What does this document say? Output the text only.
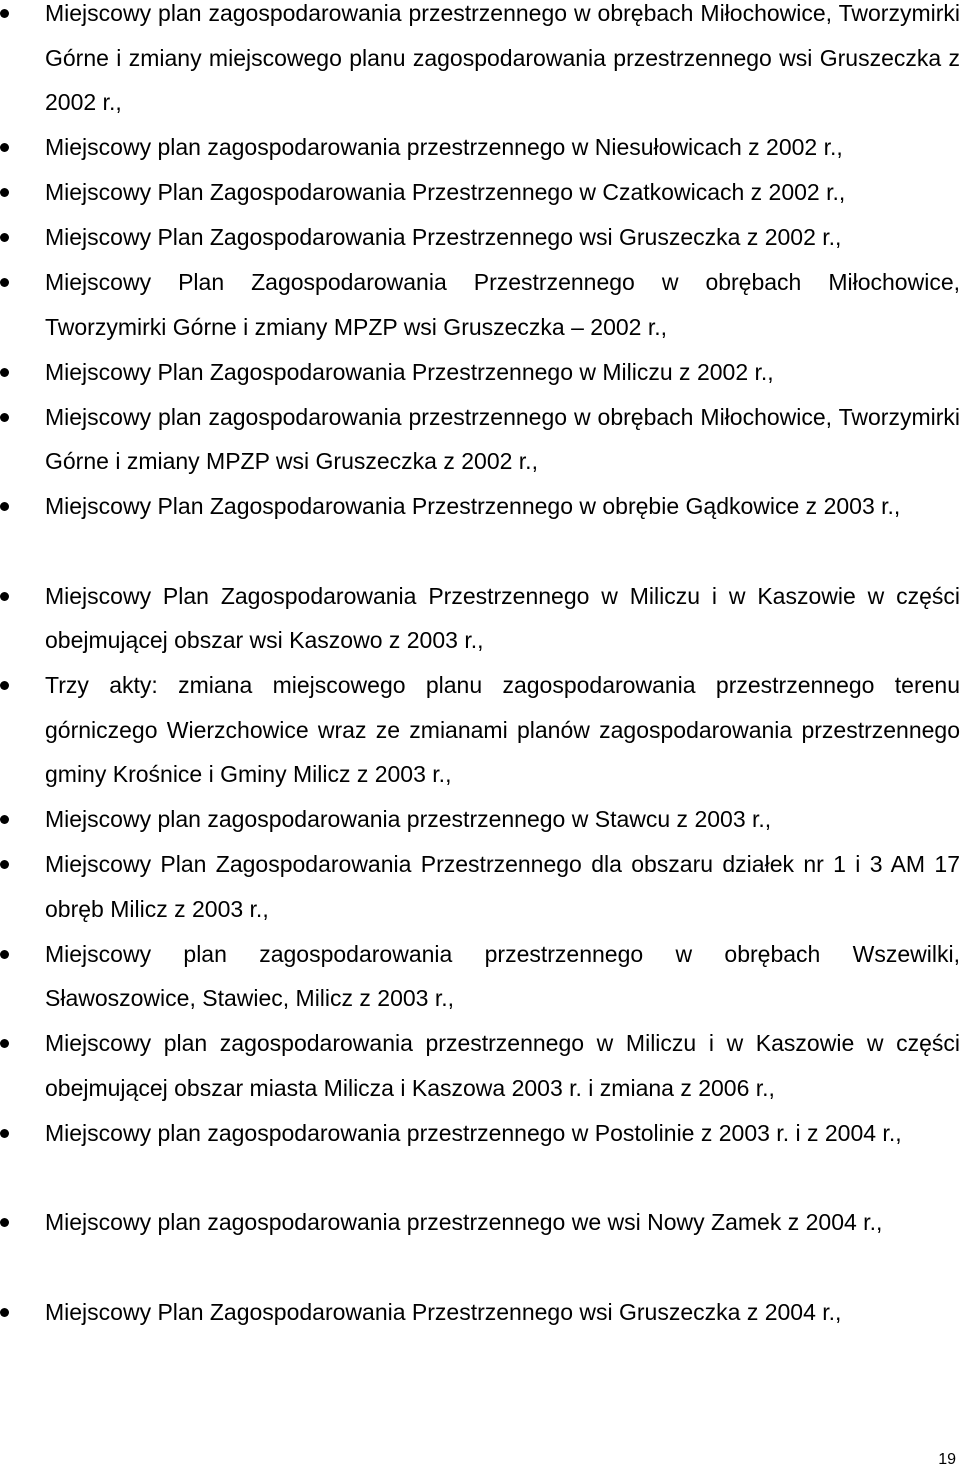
Miejscowy plan zagospodarowania przestrzennego w obrębach Miłochowice, Tworzymirki Górne i zmiany miejscowego planu zagospodarowania przestrzennego wsi Gruszeczka z 2002 r.,
Miejscowy plan zagospodarowania przestrzennego w Niesułowicach z 2002 r.,
Miejscowy Plan Zagospodarowania Przestrzennego w Czatkowicach z 2002 r.,
Miejscowy Plan Zagospodarowania Przestrzennego wsi Gruszeczka z 2002 r.,
Miejscowy Plan Zagospodarowania Przestrzennego w obrębach Miłochowice, Tworzymirki Górne i zmiany MPZP wsi Gruszeczka – 2002 r.,
Miejscowy Plan Zagospodarowania Przestrzennego w Miliczu z 2002 r.,
Miejscowy plan zagospodarowania przestrzennego w obrębach Miłochowice, Tworzymirki Górne i zmiany MPZP wsi Gruszeczka z 2002 r.,
Miejscowy Plan Zagospodarowania Przestrzennego w obrębie Gądkowice z 2003 r.,
Miejscowy Plan Zagospodarowania Przestrzennego w Miliczu i w Kaszowie w części obejmującej obszar wsi Kaszowo z 2003 r.,
Trzy akty: zmiana miejscowego planu zagospodarowania przestrzennego terenu górniczego Wierzchowice wraz ze zmianami planów zagospodarowania przestrzennego gminy Krośnice i Gminy Milicz z 2003 r.,
Miejscowy plan zagospodarowania przestrzennego w Stawcu z 2003 r.,
Miejscowy Plan Zagospodarowania Przestrzennego dla obszaru działek nr 1 i 3 AM 17 obręb Milicz z 2003 r.,
Miejscowy plan zagospodarowania przestrzennego w obrębach Wszewilki, Sławoszowice, Stawiec, Milicz z 2003 r.,
Miejscowy plan zagospodarowania przestrzennego w Miliczu i w Kaszowie w części obejmującej obszar miasta Milicza i Kaszowa 2003 r. i zmiana z 2006 r.,
Miejscowy plan zagospodarowania przestrzennego w Postolinie z 2003 r. i z 2004 r.,
Miejscowy plan zagospodarowania przestrzennego we wsi Nowy Zamek z 2004 r.,
Miejscowy Plan Zagospodarowania Przestrzennego wsi Gruszeczka z 2004 r.,
19
